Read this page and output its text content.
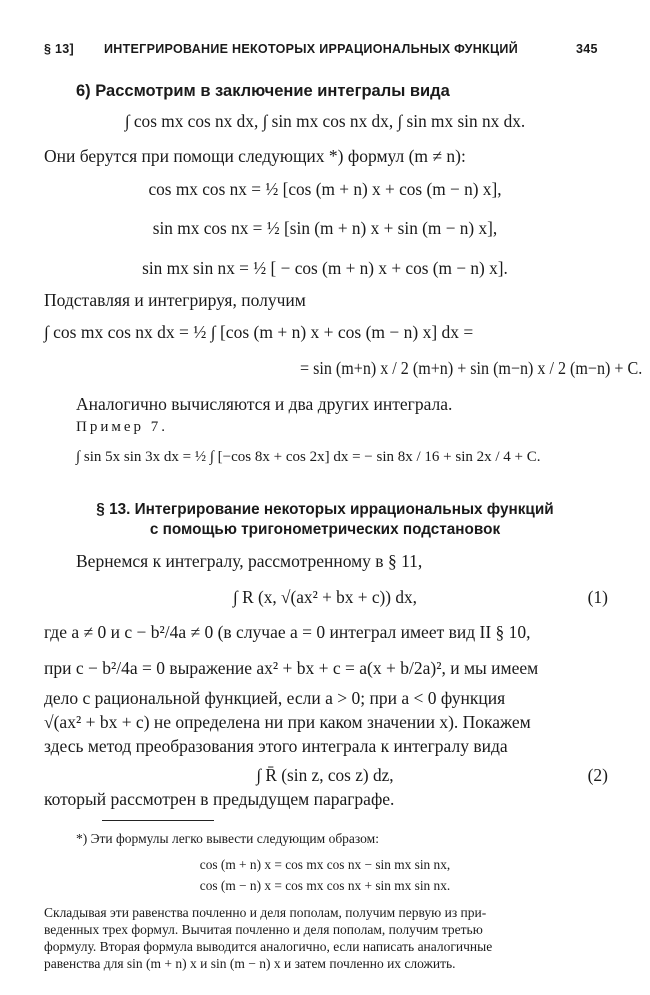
§ 13] ИНТЕГРИРОВАНИЕ НЕКОТОРЫХ ИРРАЦИОНАЛЬНЫХ ФУНКЦИЙ	345
6) Рассмотрим в заключение интегралы вида
∫ cos mx cos nx dx, ∫ sin mx cos nx dx, ∫ sin mx sin nx dx.
Они берутся при помощи следующих *) формул (m ≠ n):
cos mx cos nx = ½ [cos (m + n) x + cos (m − n) x],
sin mx cos nx = ½ [sin (m + n) x + sin (m − n) x],
sin mx sin nx = ½ [ − cos (m + n) x + cos (m − n) x].
Подставляя и интегрируя, получим
∫ cos mx cos nx dx = ½ ∫ [cos (m + n) x + cos (m − n) x] dx =
= sin (m+n) x / 2 (m+n) + sin (m−n) x / 2 (m−n) + C.
Аналогично вычисляются и два других интеграла.
Пример 7.
∫ sin 5x sin 3x dx = ½ ∫ [−cos 8x + cos 2x] dx = − sin 8x / 16 + sin 2x / 4 + C.
§ 13. Интегрирование некоторых иррациональных функций
с помощью тригонометрических подстановок
Вернемся к интегралу, рассмотренному в § 11,
∫ R (x, √(ax² + bx + c)) dx,	(1)
где a ≠ 0 и c − b²/4a ≠ 0 (в случае a = 0 интеграл имеет вид II § 10,
при c − b²/4a = 0 выражение ax² + bx + c = a(x + b/2a)², и мы имеем
дело с рациональной функцией, если a > 0; при a < 0 функция
√(ax² + bx + c) не определена ни при каком значении x). Покажем
здесь метод преобразования этого интеграла к интегралу вида
∫ R̄ (sin z, cos z) dz,	(2)
который рассмотрен в предыдущем параграфе.
*) Эти формулы легко вывести следующим образом:
cos (m + n) x = cos mx cos nx − sin mx sin nx,
cos (m − n) x = cos mx cos nx + sin mx sin nx.
Складывая эти равенства почленно и деля пополам, получим первую из при-
веденных трех формул. Вычитая почленно и деля пополам, получим третью
формулу. Вторая формула выводится аналогично, если написать аналогичные
равенства для sin (m + n) x и sin (m − n) x и затем почленно их сложить.
